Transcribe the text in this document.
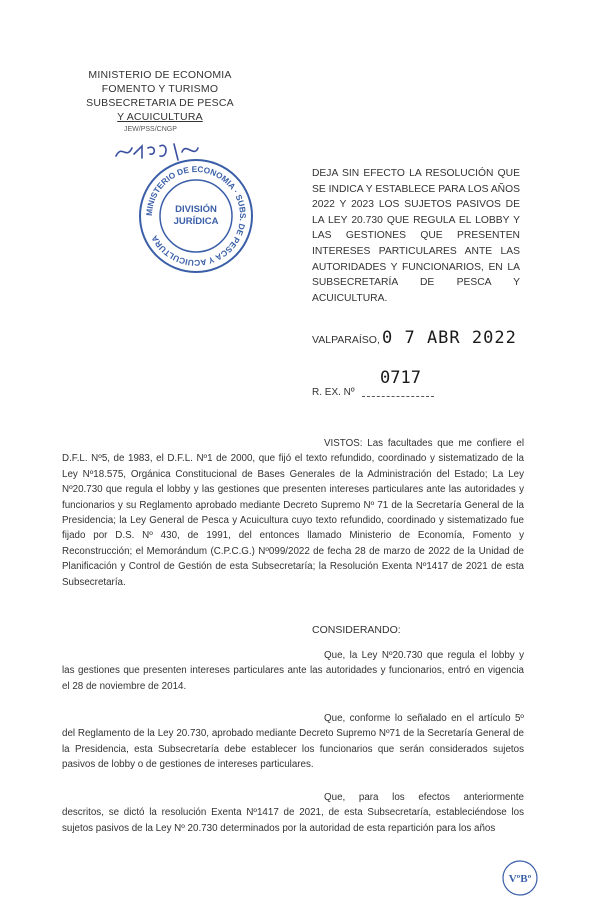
MINISTERIO DE ECONOMIA
FOMENTO Y TURISMO
SUBSECRETARIA DE PESCA
Y ACUICULTURA
JEW/PSS/CNGP
MINISTERIO DE ECONOMIA · SUBS. DE PESCA Y ACUICULTURA
DIVISIÓN
JURÍDICA
DEJA SIN EFECTO LA RESOLUCIÓN QUE SE INDICA Y ESTABLECE PARA LOS AÑOS 2022 Y 2023 LOS SUJETOS PASIVOS DE LA LEY 20.730 QUE REGULA EL LOBBY Y LAS GESTIONES QUE PRESENTEN INTERESES PARTICULARES ANTE LAS AUTORIDADES Y FUNCIONARIOS, EN LA SUBSECRETARÍA DE PESCA Y ACUICULTURA.
VALPARAÍSO, 0 7 ABR 2022
R. EX. Nº
0717
VISTOS: Las facultades que me confiere el D.F.L. Nº5, de 1983, el D.F.L. Nº1 de 2000, que fijó el texto refundido, coordinado y sistematizado de la Ley Nº18.575, Orgánica Constitucional de Bases Generales de la Administración del Estado; La Ley Nº20.730 que regula el lobby y las gestiones que presenten intereses particulares ante las autoridades y funcionarios y su Reglamento aprobado mediante Decreto Supremo Nº 71 de la Secretaría General de la Presidencia; la Ley General de Pesca y Acuicultura cuyo texto refundido, coordinado y sistematizado fue fijado por D.S. Nº 430, de 1991, del entonces llamado Ministerio de Economía, Fomento y Reconstrucción; el Memorándum (C.P.C.G.) Nº099/2022 de fecha 28 de marzo de 2022 de la Unidad de Planificación y Control de Gestión de esta Subsecretaría; la Resolución Exenta Nº1417 de 2021 de esta Subsecretaría.
CONSIDERANDO:
Que, la Ley Nº20.730 que regula el lobby y las gestiones que presenten intereses particulares ante las autoridades y funcionarios, entró en vigencia el 28 de noviembre de 2014.
Que, conforme lo señalado en el artículo 5º del Reglamento de la Ley 20.730, aprobado mediante Decreto Supremo Nº71 de la Secretaría General de la Presidencia, esta Subsecretaría debe establecer los funcionarios que serán considerados sujetos pasivos de lobby o de gestiones de intereses particulares.
Que, para los efectos anteriormente descritos, se dictó la resolución Exenta Nº1417 de 2021, de esta Subsecretaría, estableciéndose los sujetos pasivos de la Ley Nº 20.730 determinados por la autoridad de esta repartición para los años
VºBº
